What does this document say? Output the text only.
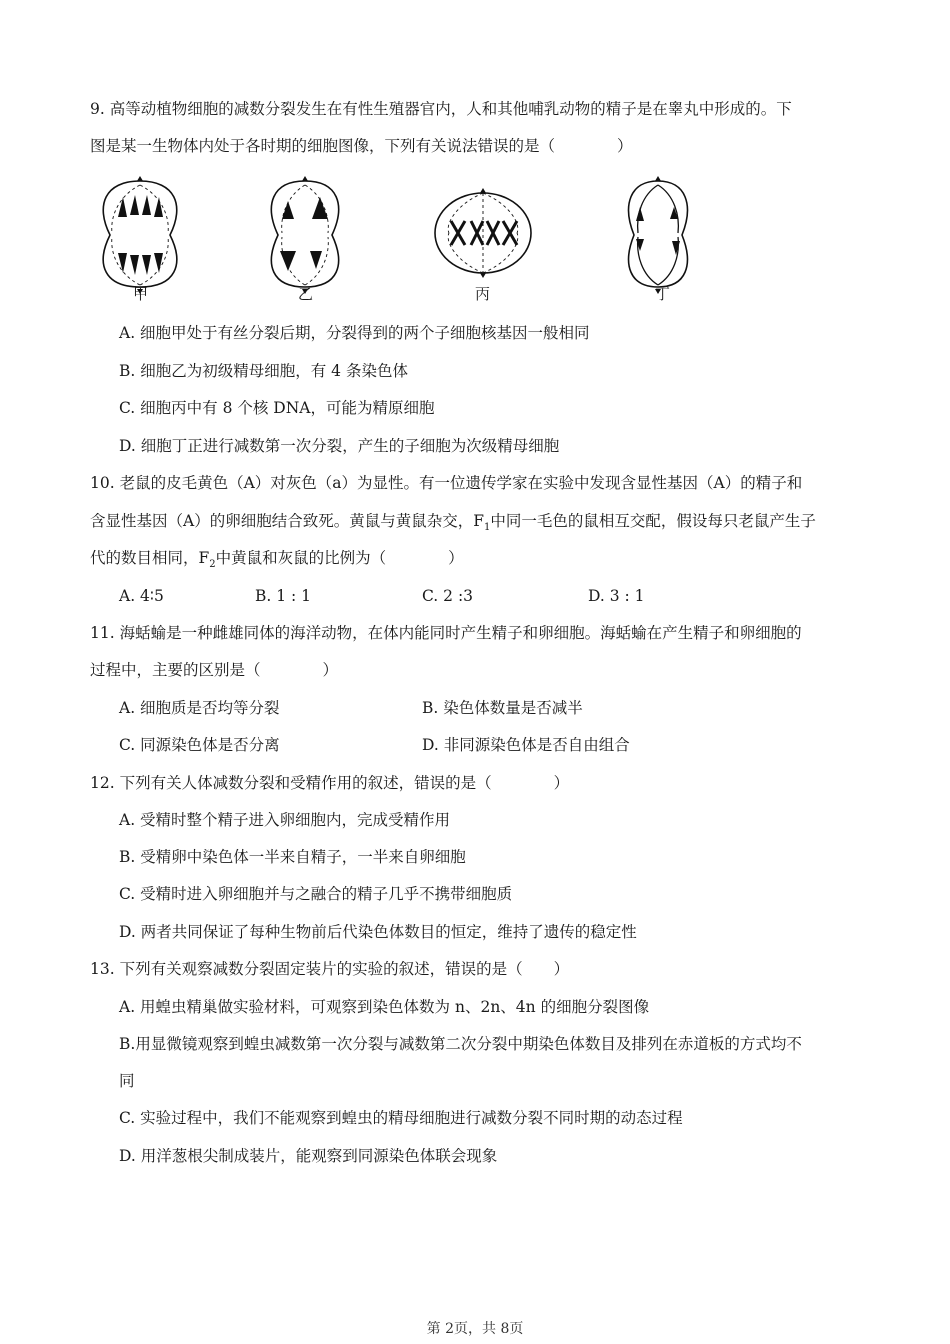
9. 高等动植物细胞的减数分裂发生在有性生殖器官内，人和其他哺乳动物的精子是在睾丸中形成的。下
图是某一生物体内处于各时期的细胞图像，下列有关说法错误的是（　　　　）
甲	乙	丙	丁
A. 细胞甲处于有丝分裂后期，分裂得到的两个子细胞核基因一般相同
B. 细胞乙为初级精母细胞，有 4 条染色体
C. 细胞丙中有 8 个核 DNA，可能为精原细胞
D. 细胞丁正进行减数第一次分裂，产生的子细胞为次级精母细胞
10. 老鼠的皮毛黄色（A）对灰色（a）为显性。有一位遗传学家在实验中发现含显性基因（A）的精子和
含显性基因（A）的卵细胞结合致死。黄鼠与黄鼠杂交，$F_1$中同一毛色的鼠相互交配，假设每只老鼠产生子
代的数目相同，$F_2$中黄鼠和灰鼠的比例为（　　　　）
A. 4∶5	B. 1 : 1	C. 2 :3	D. 3 : 1
11. 海蛞蝓是一种雌雄同体的海洋动物，在体内能同时产生精子和卵细胞。海蛞蝓在产生精子和卵细胞的
过程中，主要的区别是（　　　　）
A. 细胞质是否均等分裂	B. 染色体数量是否减半
C. 同源染色体是否分离	D. 非同源染色体是否自由组合
12. 下列有关人体减数分裂和受精作用的叙述，错误的是（　　　　）
A. 受精时整个精子进入卵细胞内，完成受精作用
B. 受精卵中染色体一半来自精子，一半来自卵细胞
C. 受精时进入卵细胞并与之融合的精子几乎不携带细胞质
D. 两者共同保证了每种生物前后代染色体数目的恒定，维持了遗传的稳定性
13. 下列有关观察减数分裂固定装片的实验的叙述，错误的是（　　）
A. 用蝗虫精巢做实验材料，可观察到染色体数为 n、2n、4n 的细胞分裂图像
B.用显微镜观察到蝗虫减数第一次分裂与减数第二次分裂中期染色体数目及排列在赤道板的方式均不
同
C. 实验过程中，我们不能观察到蝗虫的精母细胞进行减数分裂不同时期的动态过程
D. 用洋葱根尖制成装片，能观察到同源染色体联会现象
第 2页，共 8页
